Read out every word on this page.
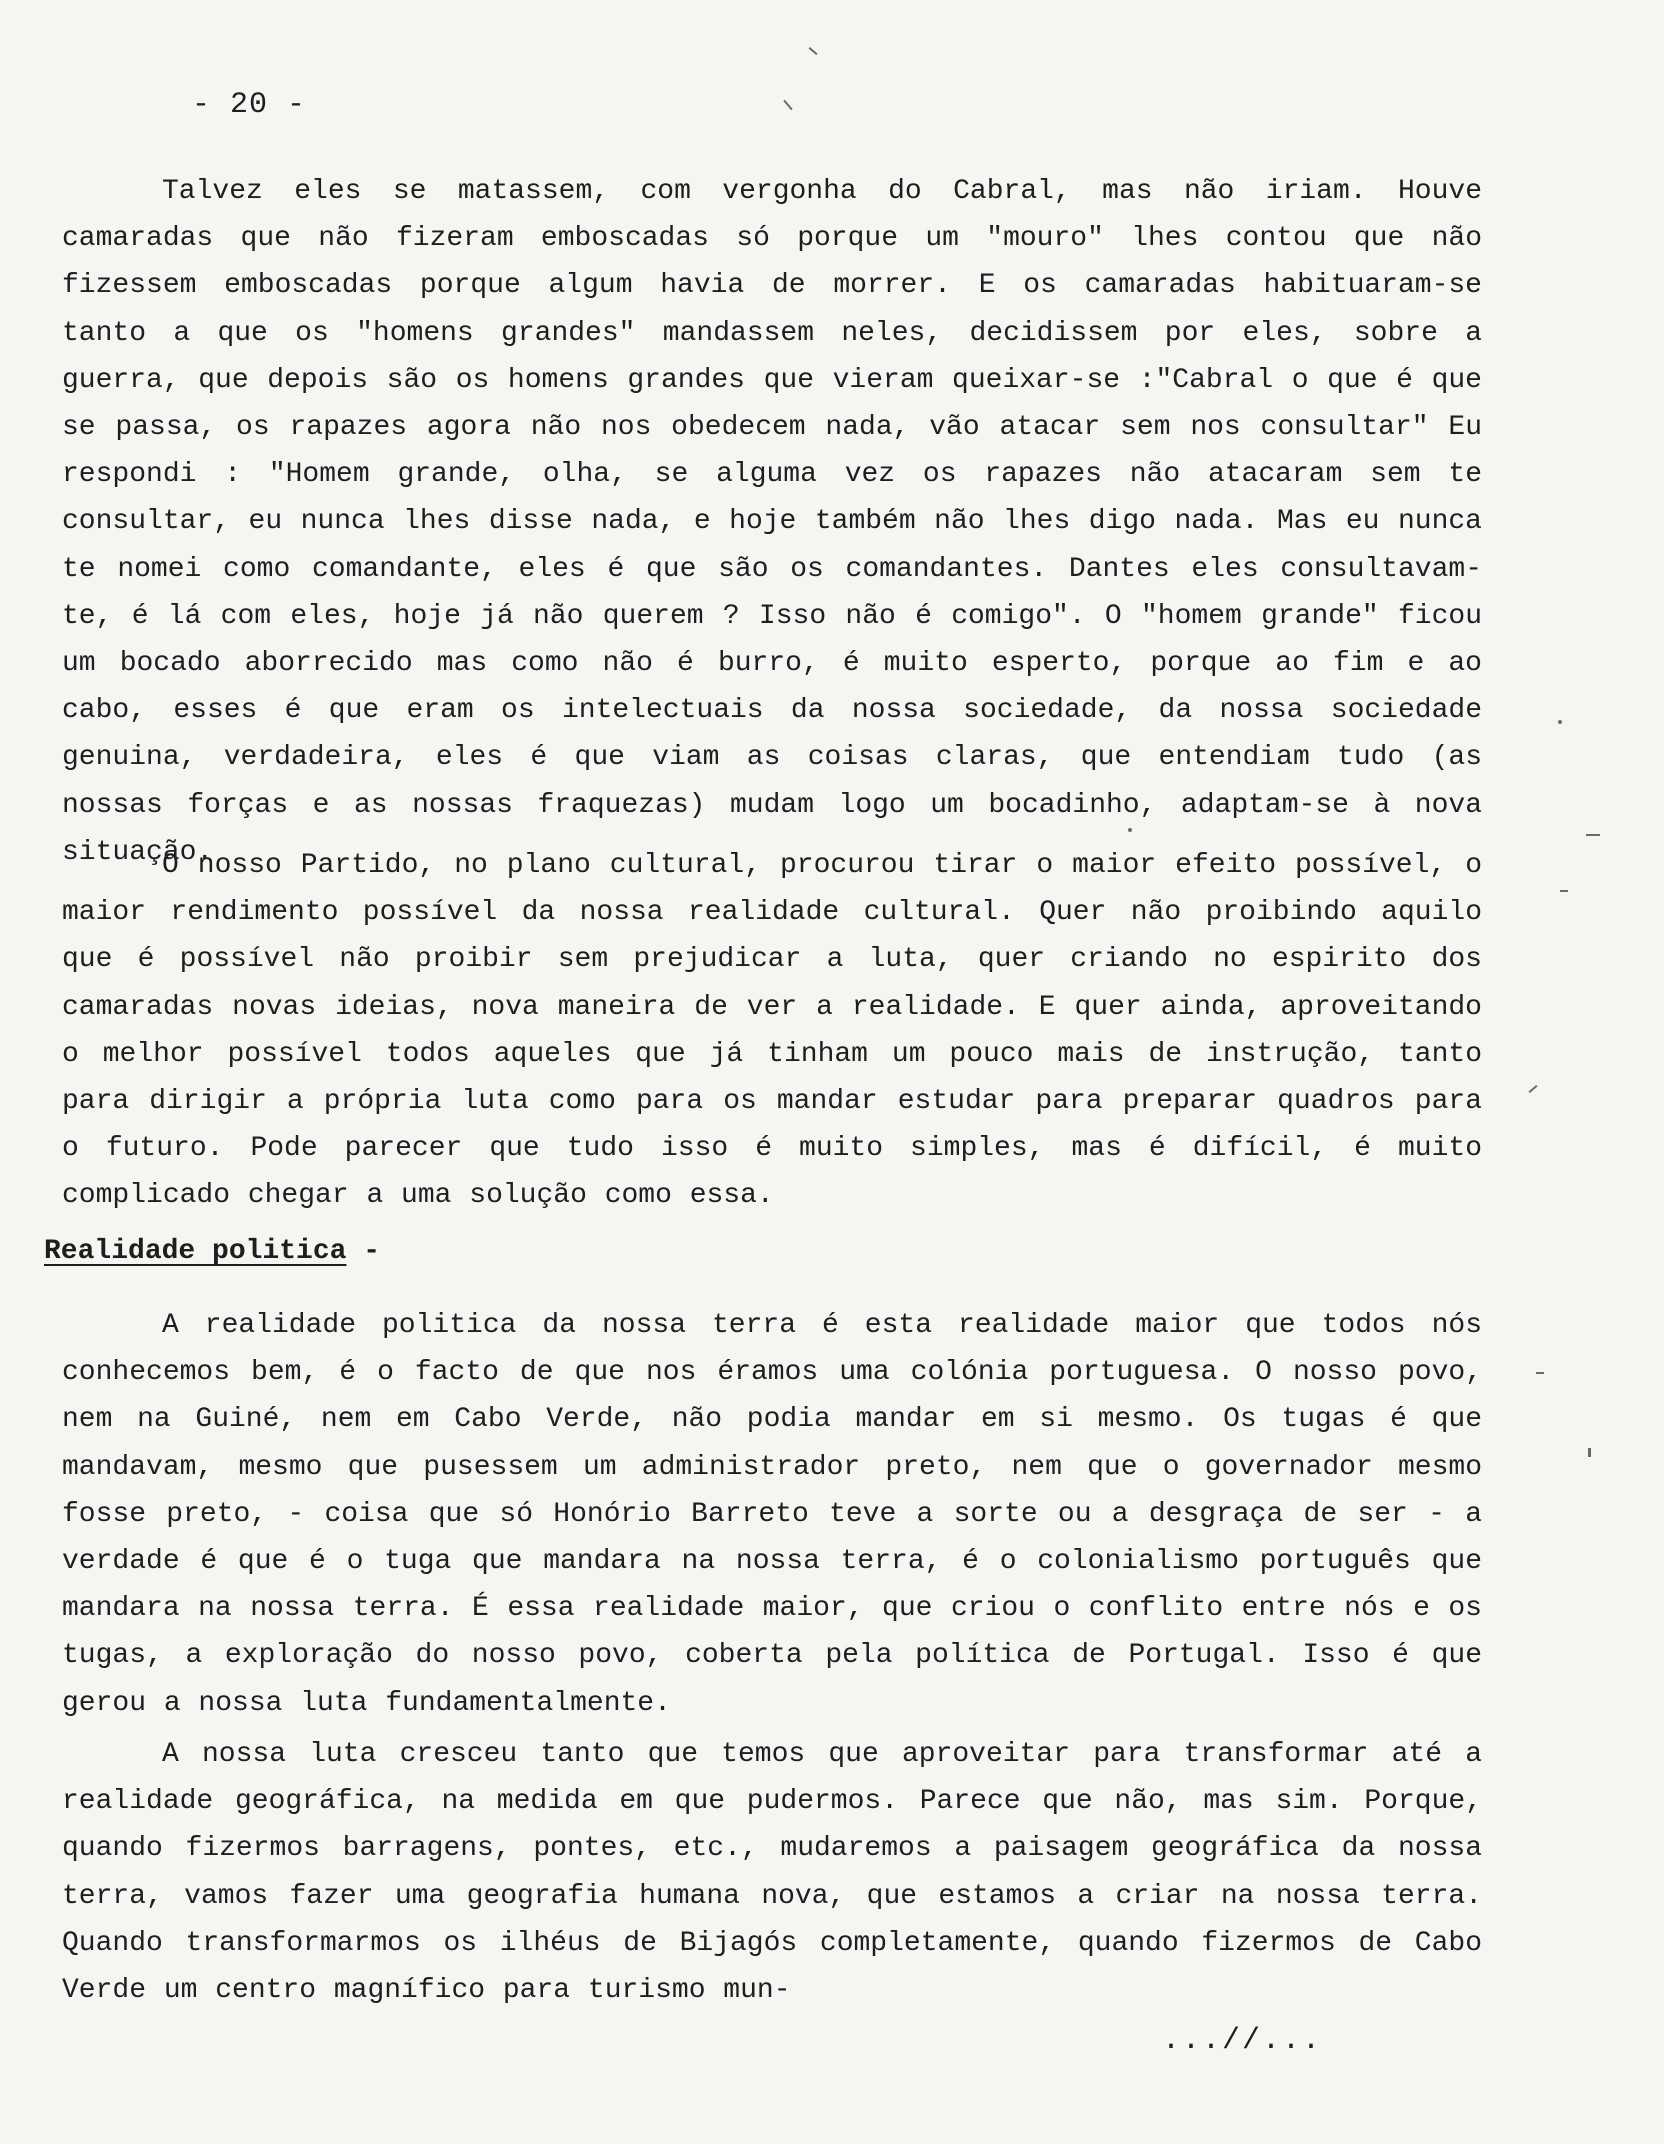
- 20 -

Talvez eles se matassem, com vergonha do Cabral, mas não iriam. Houve camaradas que não fizeram emboscadas só porque um "mouro" lhes contou que não fizessem emboscadas porque algum havia de morrer. E os camaradas habituaram-se tanto a que os "homens grandes" mandassem neles, decidissem por eles, sobre a guerra, que depois são os homens grandes que vieram queixar-se :"Cabral o que é que se passa, os rapazes agora não nos obedecem nada, vão atacar sem nos consultar" Eu respondi : "Homem grande, olha, se alguma vez os rapazes não atacaram sem te consultar, eu nunca lhes disse nada, e hoje também não lhes digo nada. Mas eu nunca te nomei como comandante, eles é que são os comandantes. Dantes eles consultavam-te, é lá com eles, hoje já não querem ? Isso não é comigo". O "homem grande" ficou um bocado aborrecido mas como não é burro, é muito esperto, porque ao fim e ao cabo, esses é que eram os intelectuais da nossa sociedade, da nossa sociedade genuina, verdadeira, eles é que viam as coisas claras, que entendiam tudo (as nossas forças e as nossas fraquezas) mudam logo um bocadinho, adaptam-se à nova situação.

O nosso Partido, no plano cultural, procurou tirar o maior efeito possível, o maior rendimento possível da nossa realidade cultural. Quer não proibindo aquilo que é possível não proibir sem prejudicar a luta, quer criando no espirito dos camaradas novas ideias, nova maneira de ver a realidade. E quer ainda, aproveitando o melhor possível todos aqueles que já tinham um pouco mais de instrução, tanto para dirigir a própria luta como para os mandar estudar para preparar quadros para o futuro. Pode parecer que tudo isso é muito simples, mas é difícil, é muito complicado chegar a uma solução como essa.

Realidade politica -

A realidade politica da nossa terra é esta realidade maior que todos nós conhecemos bem, é o facto de que nos éramos uma colónia portuguesa. O nosso povo, nem na Guiné, nem em Cabo Verde, não podia mandar em si mesmo. Os tugas é que mandavam, mesmo que pusessem um administrador preto, nem que o governador mesmo fosse preto, - coisa que só Honório Barreto teve a sorte ou a desgraça de ser - a verdade é que é o tuga que mandara na nossa terra, é o colonialismo português que mandara na nossa terra. É essa realidade maior, que criou o conflito entre nós e os tugas, a exploração do nosso povo, coberta pela política de Portugal. Isso é que gerou a nossa luta fundamentalmente.

A nossa luta cresceu tanto que temos que aproveitar para transformar até a realidade geográfica, na medida em que pudermos. Parece que não, mas sim. Porque, quando fizermos barragens, pontes, etc., mudaremos a paisagem geográfica da nossa terra, vamos fazer uma geografia humana nova, que estamos a criar na nossa terra. Quando transformarmos os ilhéus de Bijagós completamente, quando fizermos de Cabo Verde um centro magnífico para turismo mun-

...//...
